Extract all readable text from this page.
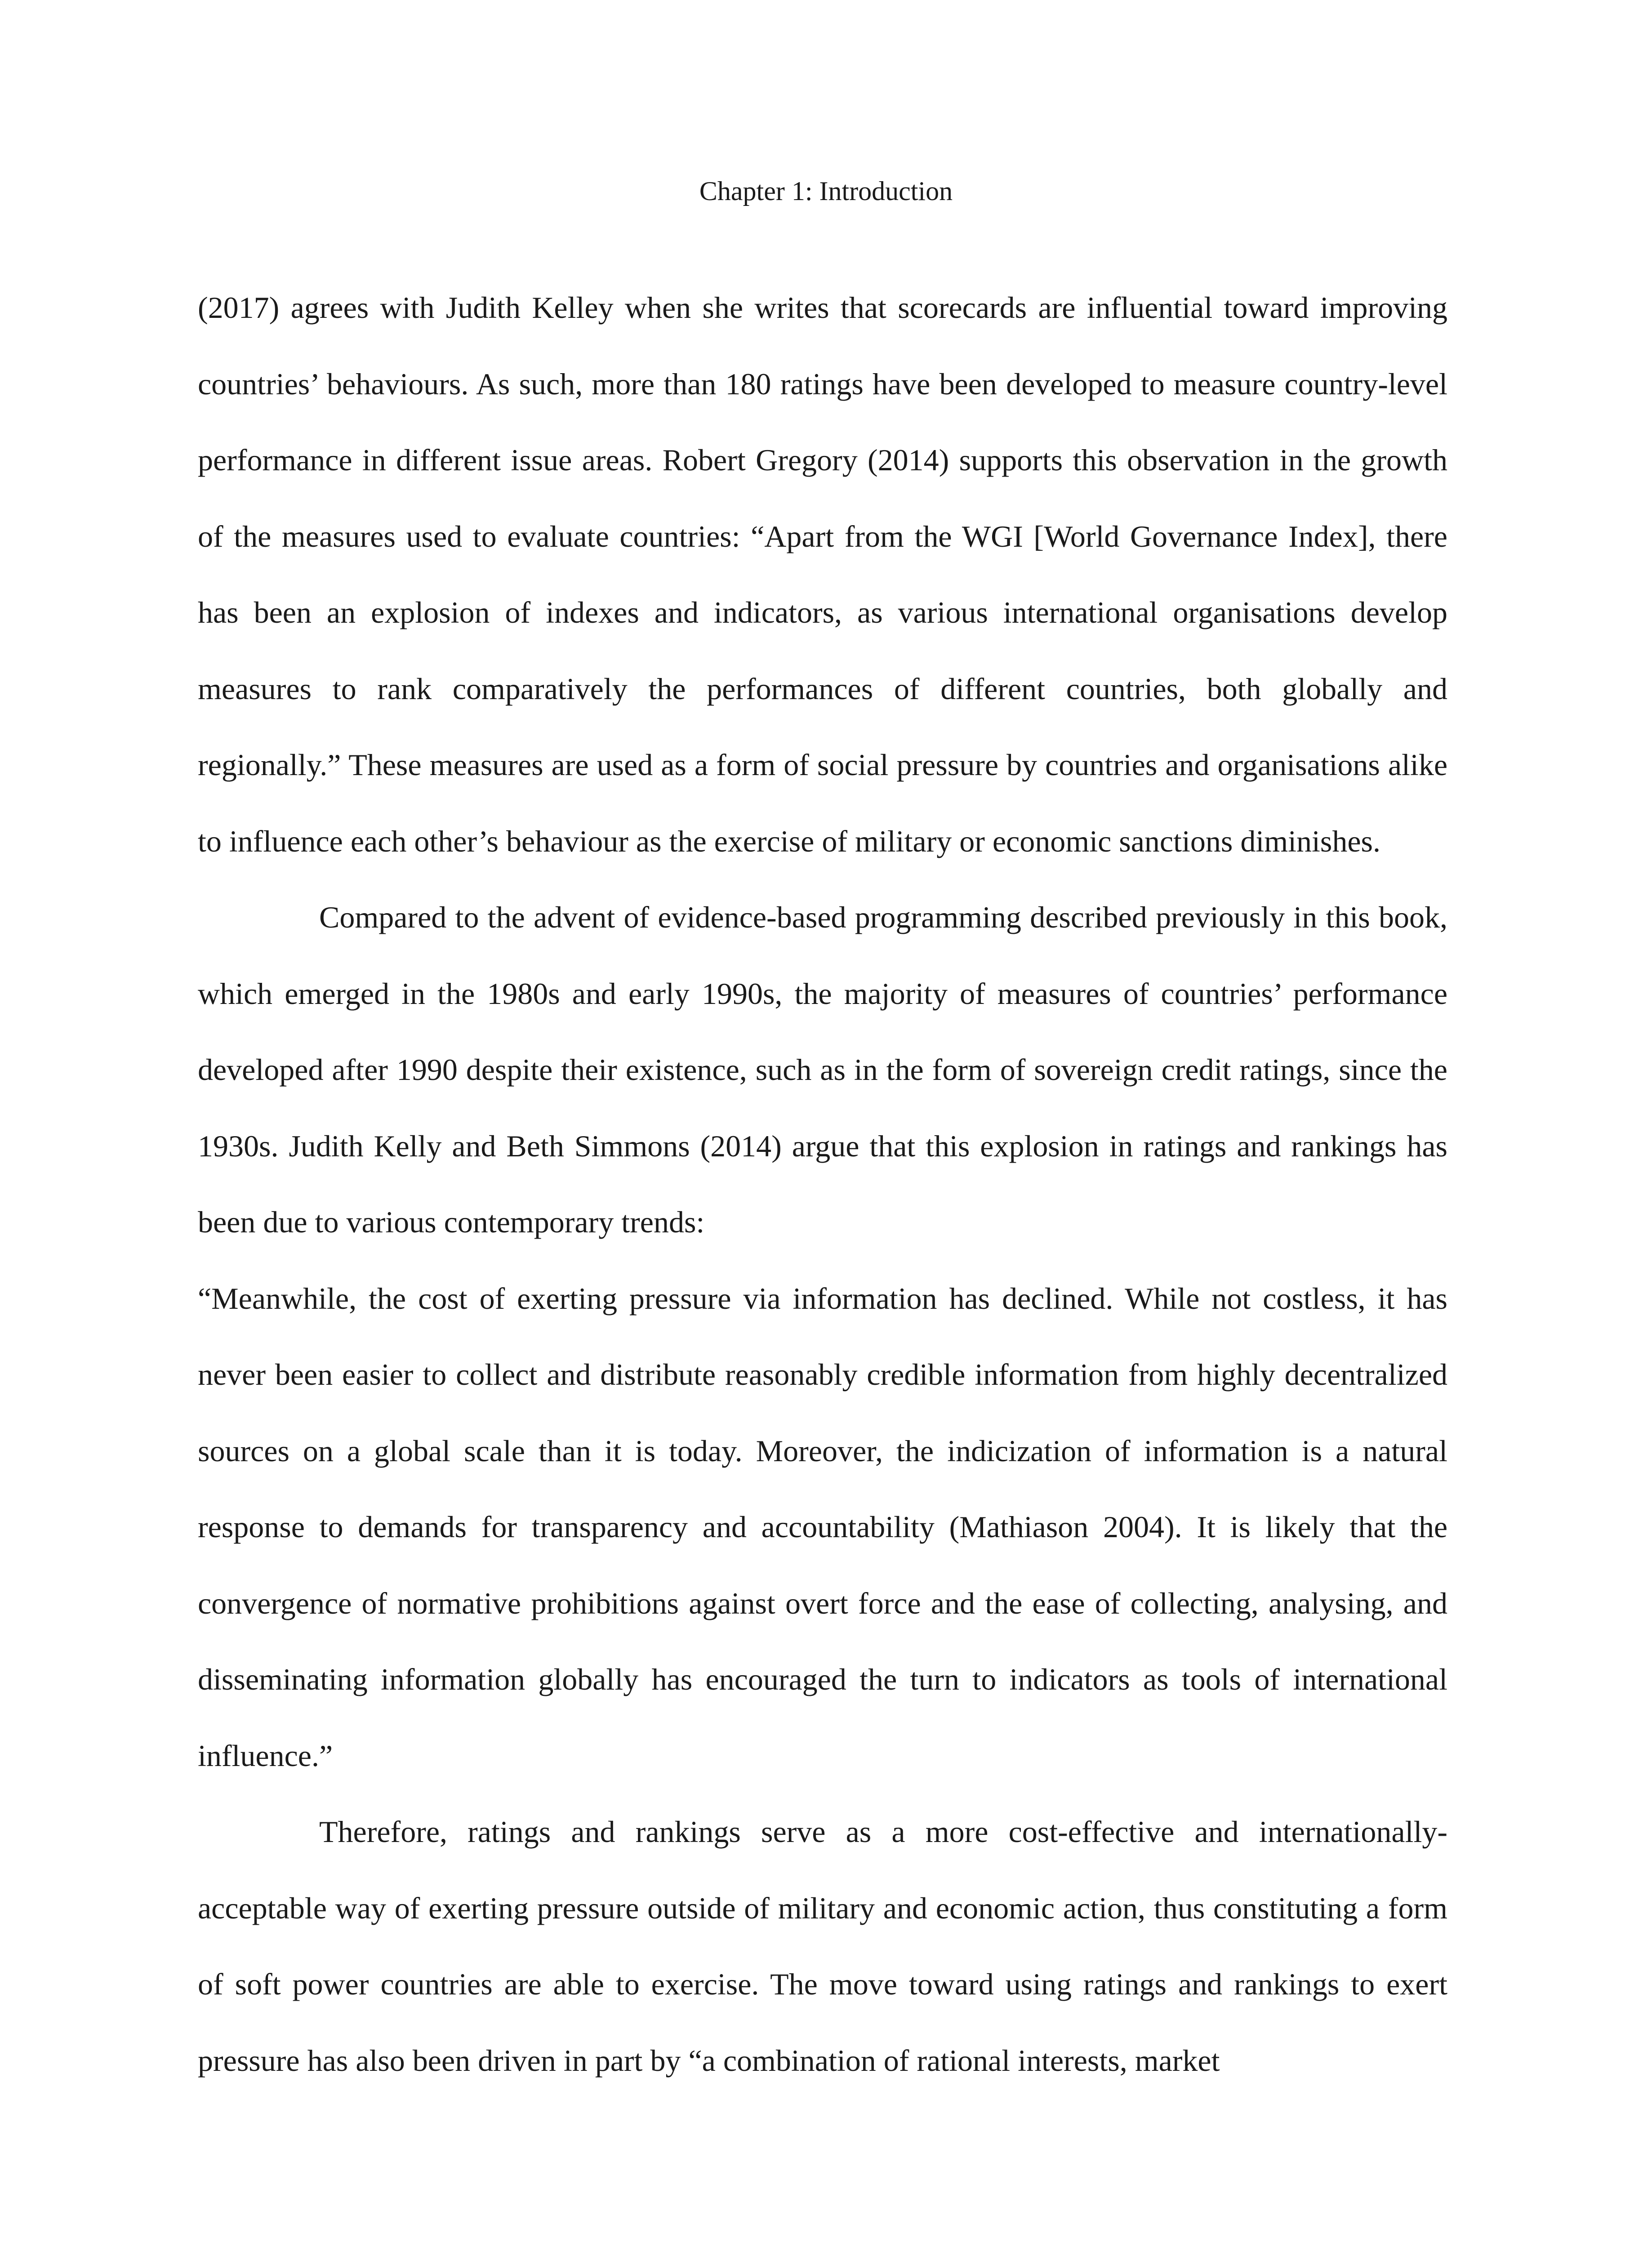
Chapter 1: Introduction

(2017) agrees with Judith Kelley when she writes that scorecards are influential toward improving countries’ behaviours. As such, more than 180 ratings have been developed to measure country-level performance in different issue areas. Robert Gregory (2014) supports this observation in the growth of the measures used to evaluate countries: “Apart from the WGI [World Governance Index], there has been an explosion of indexes and indicators, as various international organisations develop measures to rank comparatively the performances of different countries, both globally and regionally.” These measures are used as a form of social pressure by countries and organisations alike to influence each other’s behaviour as the exercise of military or economic sanctions diminishes.

Compared to the advent of evidence-based programming described previously in this book, which emerged in the 1980s and early 1990s, the majority of measures of countries’ performance developed after 1990 despite their existence, such as in the form of sovereign credit ratings, since the 1930s. Judith Kelly and Beth Simmons (2014) argue that this explosion in ratings and rankings has been due to various contemporary trends:

“Meanwhile, the cost of exerting pressure via information has declined. While not costless, it has never been easier to collect and distribute reasonably credible information from highly decentralized sources on a global scale than it is today. Moreover, the indicization of information is a natural response to demands for transparency and accountability (Mathiason 2004). It is likely that the convergence of normative prohibitions against overt force and the ease of collecting, analysing, and disseminating information globally has encouraged the turn to indicators as tools of international influence.”

Therefore, ratings and rankings serve as a more cost-effective and internationally-acceptable way of exerting pressure outside of military and economic action, thus constituting a form of soft power countries are able to exercise. The move toward using ratings and rankings to exert pressure has also been driven in part by “a combination of rational interests, market
